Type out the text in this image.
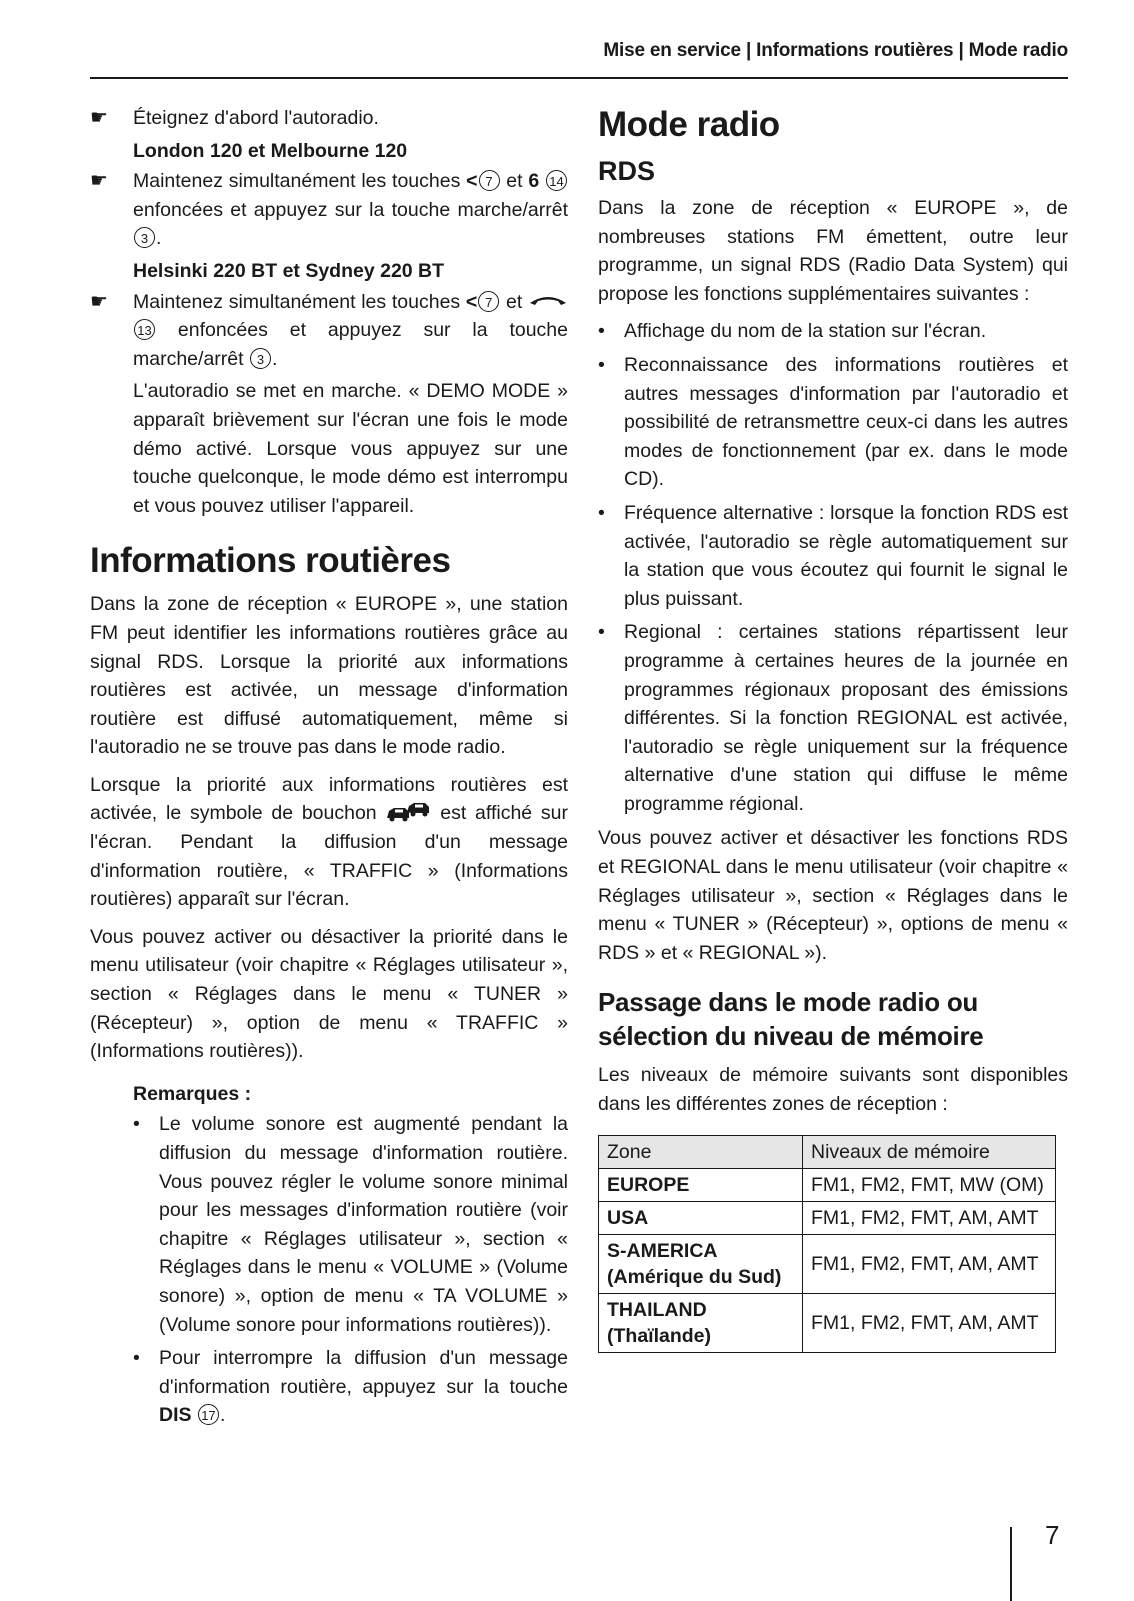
Mise en service | Informations routières | Mode radio
☛	Éteignez d'abord l'autoradio.
London 120 et Melbourne 120
☛	Maintenez simultanément les touches < 7 et 6 14 enfoncées et appuyez sur la touche marche/arrêt 3 .
Helsinki 220 BT et Sydney 220 BT
☛	Maintenez simultanément les touches < 7 et 13 enfoncées et appuyez sur la touche marche/arrêt 3 .
L'autoradio se met en marche. « DEMO MODE » apparaît brièvement sur l'écran une fois le mode démo activé. Lorsque vous appuyez sur une touche quelconque, le mode démo est interrompu et vous pouvez utiliser l'appareil.
Informations routières

Dans la zone de réception « EUROPE », une station FM peut identifier les informations routières grâce au signal RDS. Lorsque la priorité aux informations routières est activée, un message d'information routière est diffusé automatiquement, même si l'autoradio ne se trouve pas dans le mode radio.

Lorsque la priorité aux informations routières est activée, le symbole de bouchon	est affiché sur l'écran. Pendant la diffusion d'un message d'information routière, « TRAFFIC » (Informations routières) apparaît sur l'écran.

Vous pouvez activer ou désactiver la priorité dans le menu utilisateur (voir chapitre « Réglages utilisateur », section « Réglages dans le menu « TUNER » (Récepteur) », option de menu « TRAFFIC » (Informations routières)).

Remarques :
• Le volume sonore est augmenté pendant la diffusion du message d'information routière. Vous pouvez régler le volume sonore minimal pour les messages d'information routière (voir chapitre « Réglages utilisateur », section « Réglages dans le menu « VOLUME » (Volume sonore) », option de menu « TA VOLUME » (Volume sonore pour informations routières)).
• Pour interrompre la diffusion d'un message d'information routière, appuyez sur la touche DIS 17 .
Mode radio
RDS

Dans la zone de réception « EUROPE », de nombreuses stations FM émettent, outre leur programme, un signal RDS (Radio Data System) qui propose les fonctions supplémentaires suivantes :

• Affichage du nom de la station sur l'écran.
• Reconnaissance des informations routières et autres messages d'information par l'autoradio et possibilité de retransmettre ceux-ci dans les autres modes de fonctionnement (par ex. dans le mode CD).
• Fréquence alternative : lorsque la fonction RDS est activée, l'autoradio se règle automatiquement sur la station que vous écoutez qui fournit le signal le plus puissant.
• Regional : certaines stations répartissent leur programme à certaines heures de la journée en programmes régionaux proposant des émissions différentes. Si la fonction REGIONAL est activée, l'autoradio se règle uniquement sur la fréquence alternative d'une station qui diffuse le même programme régional.

Vous pouvez activer et désactiver les fonctions RDS et REGIONAL dans le menu utilisateur (voir chapitre « Réglages utilisateur », section « Réglages dans le menu « TUNER » (Récepteur) », options de menu « RDS » et « REGIONAL »).

Passage dans le mode radio ou sélection du niveau de mémoire

Les niveaux de mémoire suivants sont disponibles dans les différentes zones de réception :

Zone	Niveaux de mémoire
EUROPE	FM1, FM2, FMT, MW (OM)
USA	FM1, FM2, FMT, AM, AMT
S-AMERICA
(Amérique du Sud)	FM1, FM2, FMT, AM, AMT
THAILAND
(Thaïlande)	FM1, FM2, FMT, AM, AMT
7
